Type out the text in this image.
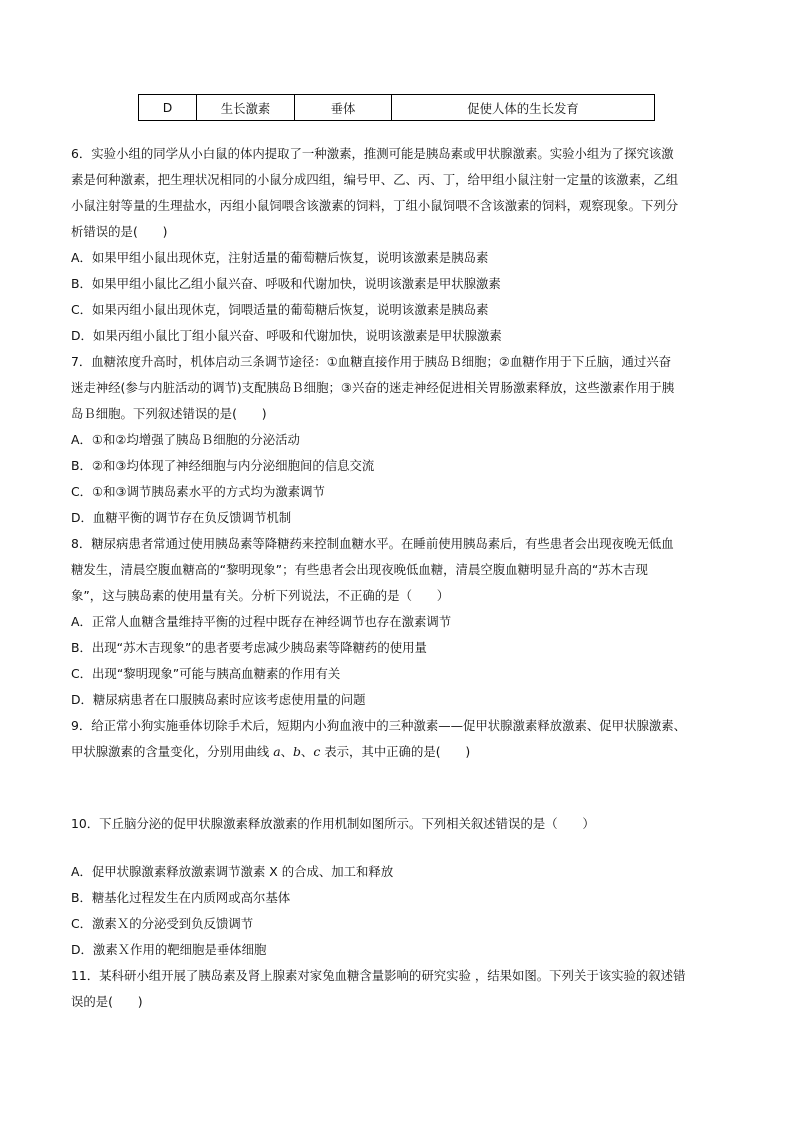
D	生长激素	垂体	促使人体的生长发育
6．实验小组的同学从小白鼠的体内提取了一种激素，推测可能是胰岛素或甲状腺激素。实验小组为了探究该激
素是何种激素，把生理状况相同的小鼠分成四组，编号甲、乙、丙、丁，给甲组小鼠注射一定量的该激素，乙组
小鼠注射等量的生理盐水，丙组小鼠饲喂含该激素的饲料，丁组小鼠饲喂不含该激素的饲料，观察现象。下列分
析错误的是(　　)
A．如果甲组小鼠出现休克，注射适量的葡萄糖后恢复，说明该激素是胰岛素
B．如果甲组小鼠比乙组小鼠兴奋、呼吸和代谢加快，说明该激素是甲状腺激素
C．如果丙组小鼠出现休克，饲喂适量的葡萄糖后恢复，说明该激素是胰岛素
D．如果丙组小鼠比丁组小鼠兴奋、呼吸和代谢加快，说明该激素是甲状腺激素
7．血糖浓度升高时，机体启动三条调节途径：①血糖直接作用于胰岛Ｂ细胞；②血糖作用于下丘脑，通过兴奋
迷走神经(参与内脏活动的调节)支配胰岛Ｂ细胞；③兴奋的迷走神经促进相关胃肠激素释放，这些激素作用于胰
岛Ｂ细胞。下列叙述错误的是(　　)
A．①和②均增强了胰岛Ｂ细胞的分泌活动
B．②和③均体现了神经细胞与内分泌细胞间的信息交流
C．①和③调节胰岛素水平的方式均为激素调节
D．血糖平衡的调节存在负反馈调节机制
8．糖尿病患者常通过使用胰岛素等降糖药来控制血糖水平。在睡前使用胰岛素后，有些患者会出现夜晚无低血
糖发生，清晨空腹血糖高的“黎明现象”；有些患者会出现夜晚低血糖，清晨空腹血糖明显升高的“苏木吉现
象”，这与胰岛素的使用量有关。分析下列说法，不正确的是（　　）
A．正常人血糖含量维持平衡的过程中既存在神经调节也存在激素调节
B．出现“苏木吉现象”的患者要考虑减少胰岛素等降糖药的使用量
C．出现“黎明现象”可能与胰高血糖素的作用有关
D．糖尿病患者在口服胰岛素时应该考虑使用量的问题
9．给正常小狗实施垂体切除手术后，短期内小狗血液中的三种激素——促甲状腺激素释放激素、促甲状腺激素、
甲状腺激素的含量变化，分别用曲线 a、b、c 表示，其中正确的是(　　)
10．下丘脑分泌的促甲状腺激素释放激素的作用机制如图所示。下列相关叙述错误的是（　　）
A．促甲状腺激素释放激素调节激素 X 的合成、加工和释放
B．糖基化过程发生在内质网或高尔基体
C．激素Ｘ的分泌受到负反馈调节
D．激素Ｘ作用的靶细胞是垂体细胞
11．某科研小组开展了胰岛素及肾上腺素对家兔血糖含量影响的研究实验 ，结果如图。下列关于该实验的叙述错
误的是(　　)
